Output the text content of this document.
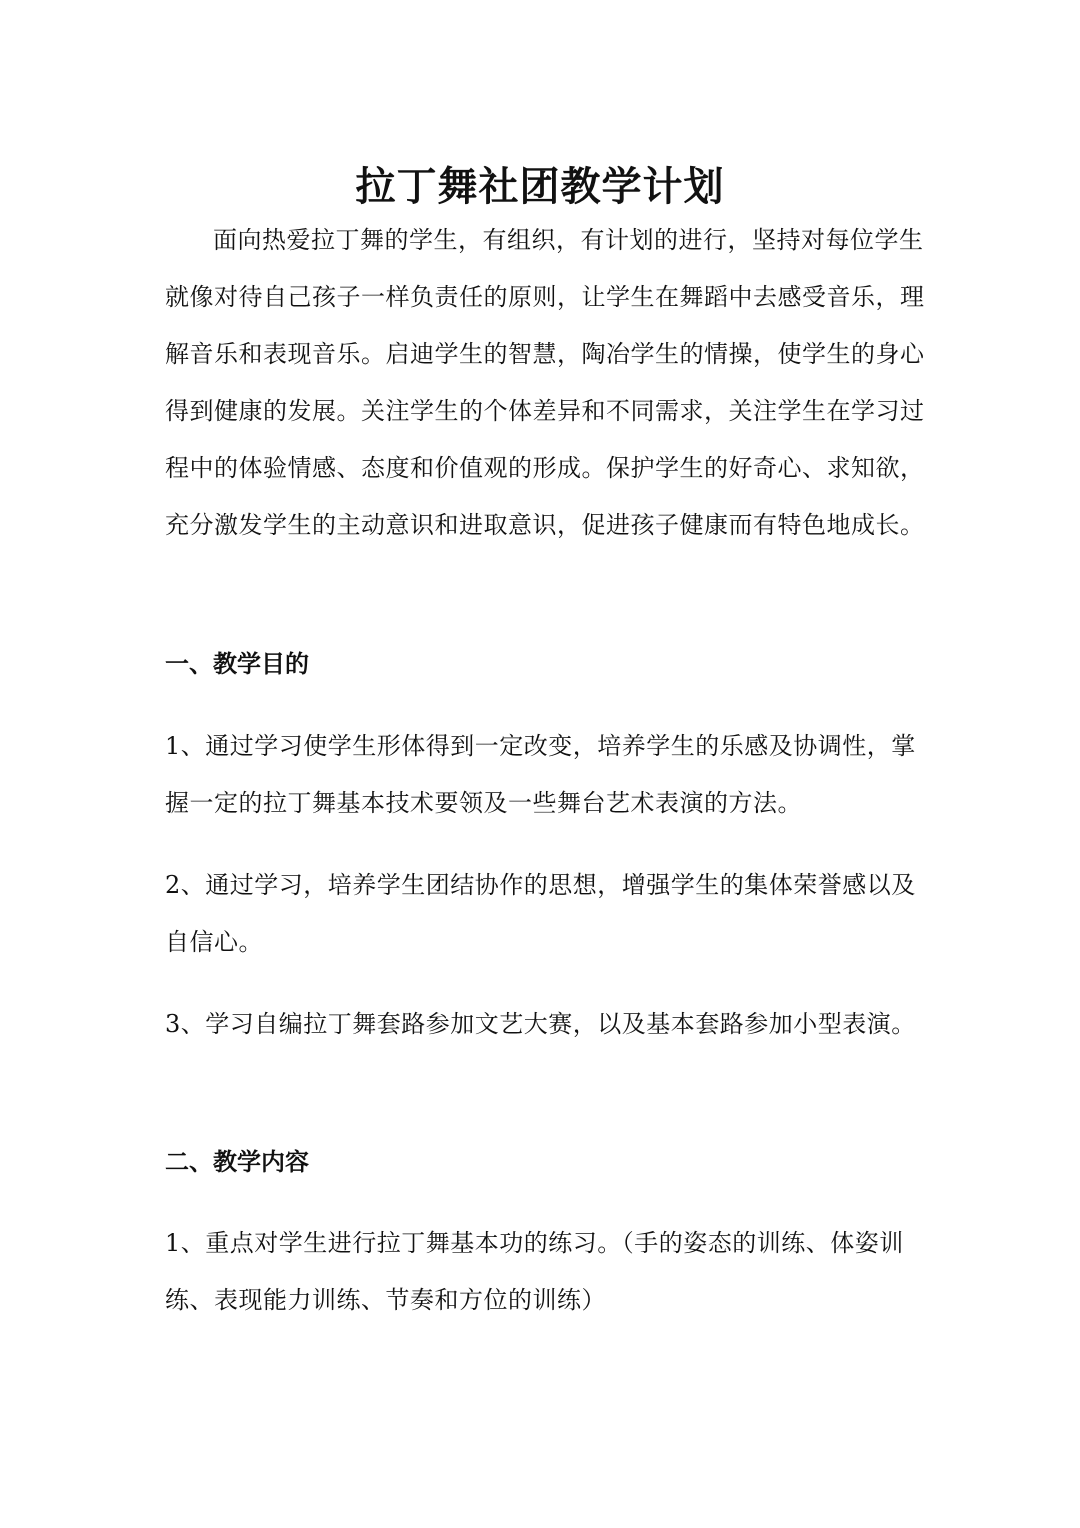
拉丁舞社团教学计划

面向热爱拉丁舞的学生，有组织，有计划的进行，坚持对每位学生就像对待自己孩子一样负责任的原则，让学生在舞蹈中去感受音乐，理解音乐和表现音乐。启迪学生的智慧，陶冶学生的情操，使学生的身心得到健康的发展。关注学生的个体差异和不同需求，关注学生在学习过程中的体验情感、态度和价值观的形成。保护学生的好奇心、求知欲，充分激发学生的主动意识和进取意识，促进孩子健康而有特色地成长。

一、教学目的

1、通过学习使学生形体得到一定改变，培养学生的乐感及协调性，掌握一定的拉丁舞基本技术要领及一些舞台艺术表演的方法。

2、通过学习，培养学生团结协作的思想，增强学生的集体荣誉感以及自信心。

3、学习自编拉丁舞套路参加文艺大赛，以及基本套路参加小型表演。

二、教学内容

1、重点对学生进行拉丁舞基本功的练习。（手的姿态的训练、体姿训练、表现能力训练、节奏和方位的训练）
